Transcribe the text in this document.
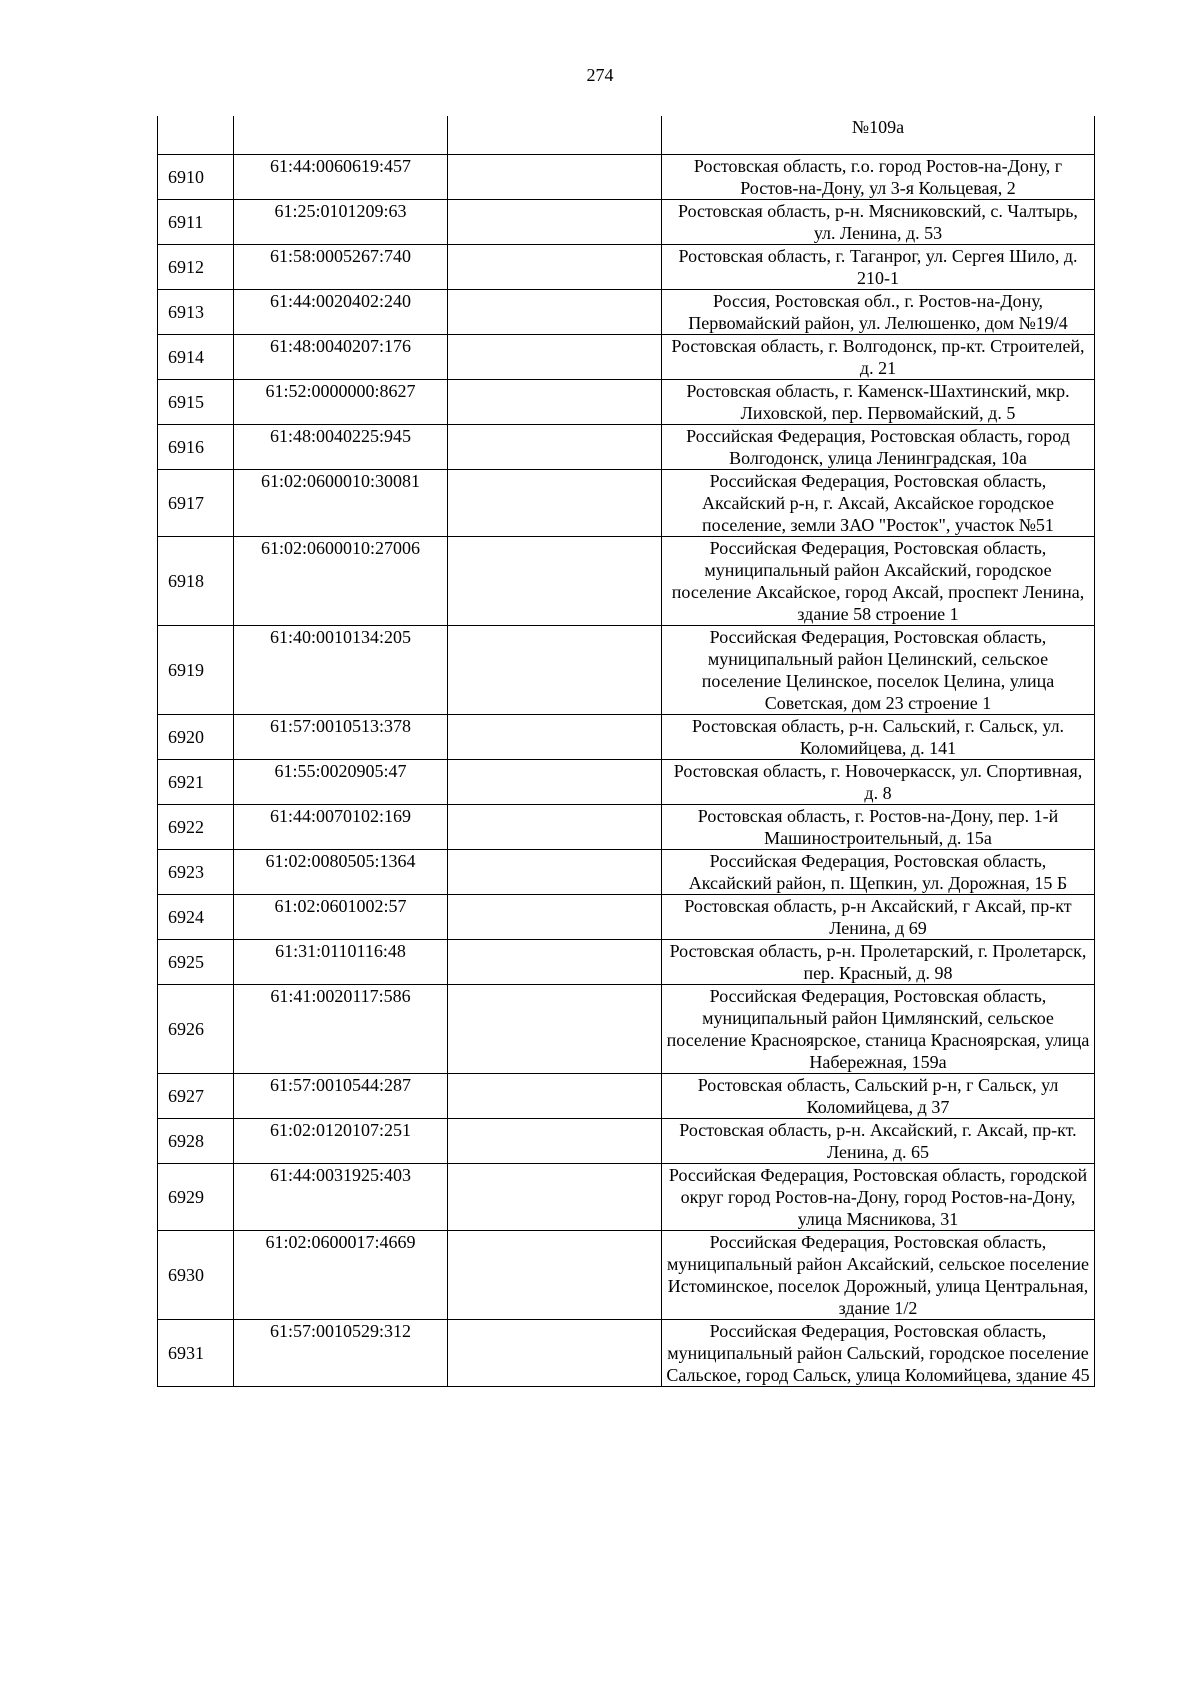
274
			№109а
6910	61:44:0060619:457		Ростовская область, г.о. город Ростов-на-Дону, г Ростов-на-Дону, ул 3-я Кольцевая, 2
6911	61:25:0101209:63		Ростовская область, р-н. Мясниковский, с. Чалтырь, ул. Ленина, д. 53
6912	61:58:0005267:740		Ростовская область, г. Таганрог, ул. Сергея Шило, д. 210-1
6913	61:44:0020402:240		Россия, Ростовская обл., г. Ростов-на-Дону, Первомайский район, ул. Лелюшенко, дом №19/4
6914	61:48:0040207:176		Ростовская область, г. Волгодонск, пр-кт. Строителей, д. 21
6915	61:52:0000000:8627		Ростовская область, г. Каменск-Шахтинский, мкр. Лиховской, пер. Первомайский, д. 5
6916	61:48:0040225:945		Российская Федерация, Ростовская область, город Волгодонск, улица Ленинградская, 10а
6917	61:02:0600010:30081		Российская Федерация, Ростовская область, Аксайский р-н, г. Аксай, Аксайское городское поселение, земли ЗАО "Росток", участок №51
6918	61:02:0600010:27006		Российская Федерация, Ростовская область, муниципальный район Аксайский, городское поселение Аксайское, город Аксай, проспект Ленина, здание 58 строение 1
6919	61:40:0010134:205		Российская Федерация, Ростовская область, муниципальный район Целинский, сельское поселение Целинское, поселок Целина, улица Советская, дом 23 строение 1
6920	61:57:0010513:378		Ростовская область, р-н. Сальский, г. Сальск, ул. Коломийцева, д. 141
6921	61:55:0020905:47		Ростовская область, г. Новочеркасск, ул. Спортивная, д. 8
6922	61:44:0070102:169		Ростовская область, г. Ростов-на-Дону, пер. 1-й Машиностроительный, д. 15а
6923	61:02:0080505:1364		Российская Федерация, Ростовская область, Аксайский район, п. Щепкин, ул. Дорожная, 15 Б
6924	61:02:0601002:57		Ростовская область, р-н Аксайский, г Аксай, пр-кт Ленина, д 69
6925	61:31:0110116:48		Ростовская область, р-н. Пролетарский, г. Пролетарск, пер. Красный, д. 98
6926	61:41:0020117:586		Российская Федерация, Ростовская область, муниципальный район Цимлянский, сельское поселение Красноярское, станица Красноярская, улица Набережная, 159а
6927	61:57:0010544:287		Ростовская область, Сальский р-н, г Сальск, ул Коломийцева, д 37
6928	61:02:0120107:251		Ростовская область, р-н. Аксайский, г. Аксай, пр-кт. Ленина, д. 65
6929	61:44:0031925:403		Российская Федерация, Ростовская область, городской округ город Ростов-на-Дону, город Ростов-на-Дону, улица Мясникова, 31
6930	61:02:0600017:4669		Российская Федерация, Ростовская область, муниципальный район Аксайский, сельское поселение Истоминское, поселок Дорожный, улица Центральная, здание 1/2
6931	61:57:0010529:312		Российская Федерация, Ростовская область, муниципальный район Сальский, городское поселение Сальское, город Сальск, улица Коломийцева, здание 45
